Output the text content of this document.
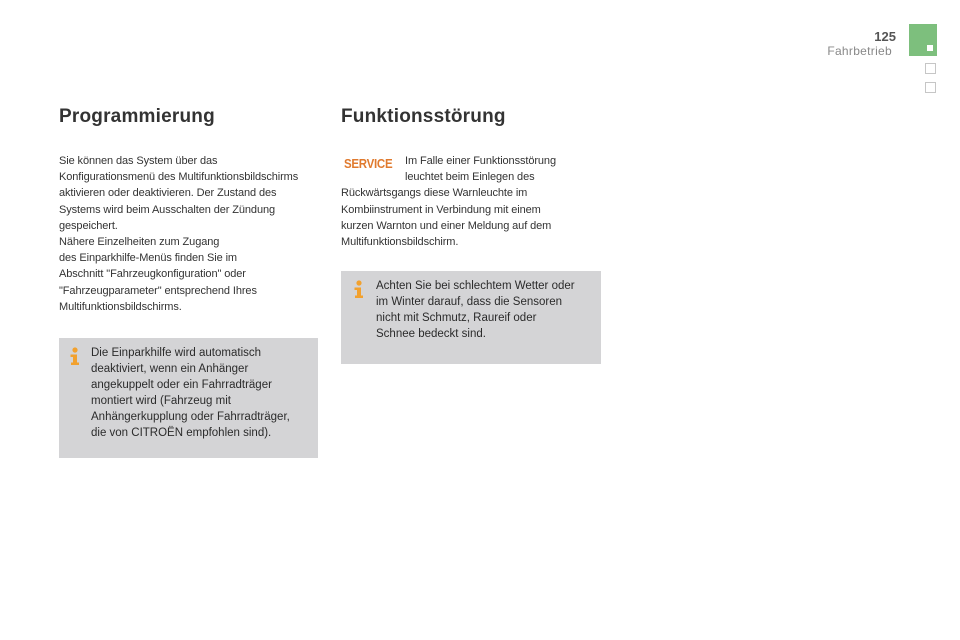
125
Fahrbetrieb
Programmierung

Sie können das System über das

Konfigurationsmenü des Multifunktionsbildschirms

aktivieren oder deaktivieren. Der Zustand des

Systems wird beim Ausschalten der Zündung

gespeichert.

Nähere Einzelheiten zum Zugang

des Einparkhilfe-Menüs finden Sie im

Abschnitt "Fahrzeugkonfiguration" oder

"Fahrzeugparameter" entsprechend Ihres

Multifunktionsbildschirms.

Die Einparkhilfe wird automatisch
deaktiviert, wenn ein Anhänger
angekuppelt oder ein Fahrradträger
montiert wird (Fahrzeug mit
Anhängerkupplung oder Fahrradträger,
die von CITROËN empfohlen sind).
Funktionsstörung
SERVICE	Im Falle einer Funktionsstörung
leuchtet beim Einlegen des
Rückwärtsgangs diese Warnleuchte im
Kombiinstrument in Verbindung mit einem
kurzen Warnton und einer Meldung auf dem
Multifunktionsbildschirm.
Achten Sie bei schlechtem Wetter oder
im Winter darauf, dass die Sensoren
nicht mit Schmutz, Raureif oder
Schnee bedeckt sind.
